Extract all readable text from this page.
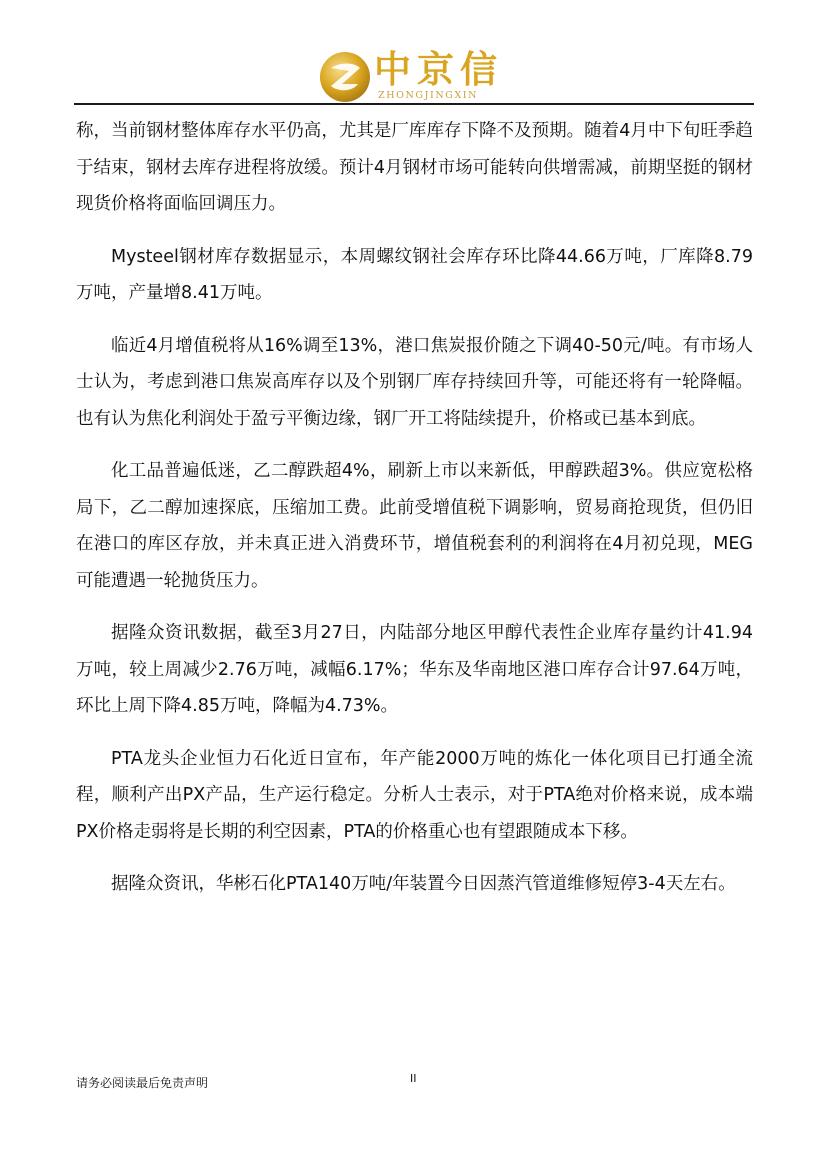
中京信
ZHONGJINGXIN

称，当前钢材整体库存水平仍高，尤其是厂库库存下降不及预期。随着4月中下旬旺季趋于结束，钢材去库存进程将放缓。预计4月钢材市场可能转向供增需减，前期坚挺的钢材现货价格将面临回调压力。

Mysteel钢材库存数据显示，本周螺纹钢社会库存环比降44.66万吨，厂库降8.79万吨，产量增8.41万吨。

临近4月增值税将从16%调至13%，港口焦炭报价随之下调40-50元/吨。有市场人士认为，考虑到港口焦炭高库存以及个别钢厂库存持续回升等，可能还将有一轮降幅。也有认为焦化利润处于盈亏平衡边缘，钢厂开工将陆续提升，价格或已基本到底。

化工品普遍低迷，乙二醇跌超4%，刷新上市以来新低，甲醇跌超3%。供应宽松格局下，乙二醇加速探底，压缩加工费。此前受增值税下调影响，贸易商抢现货，但仍旧在港口的库区存放，并未真正进入消费环节，增值税套利的利润将在4月初兑现，MEG可能遭遇一轮抛货压力。

据隆众资讯数据，截至3月27日，内陆部分地区甲醇代表性企业库存量约计41.94万吨，较上周减少2.76万吨，减幅6.17%；华东及华南地区港口库存合计97.64万吨，环比上周下降4.85万吨，降幅为4.73%。

PTA龙头企业恒力石化近日宣布，年产能2000万吨的炼化一体化项目已打通全流程，顺利产出PX产品，生产运行稳定。分析人士表示，对于PTA绝对价格来说，成本端PX价格走弱将是长期的利空因素，PTA的价格重心也有望跟随成本下移。

据隆众资讯，华彬石化PTA140万吨/年装置今日因蒸汽管道维修短停3-4天左右。

请务必阅读最后免责声明	II
